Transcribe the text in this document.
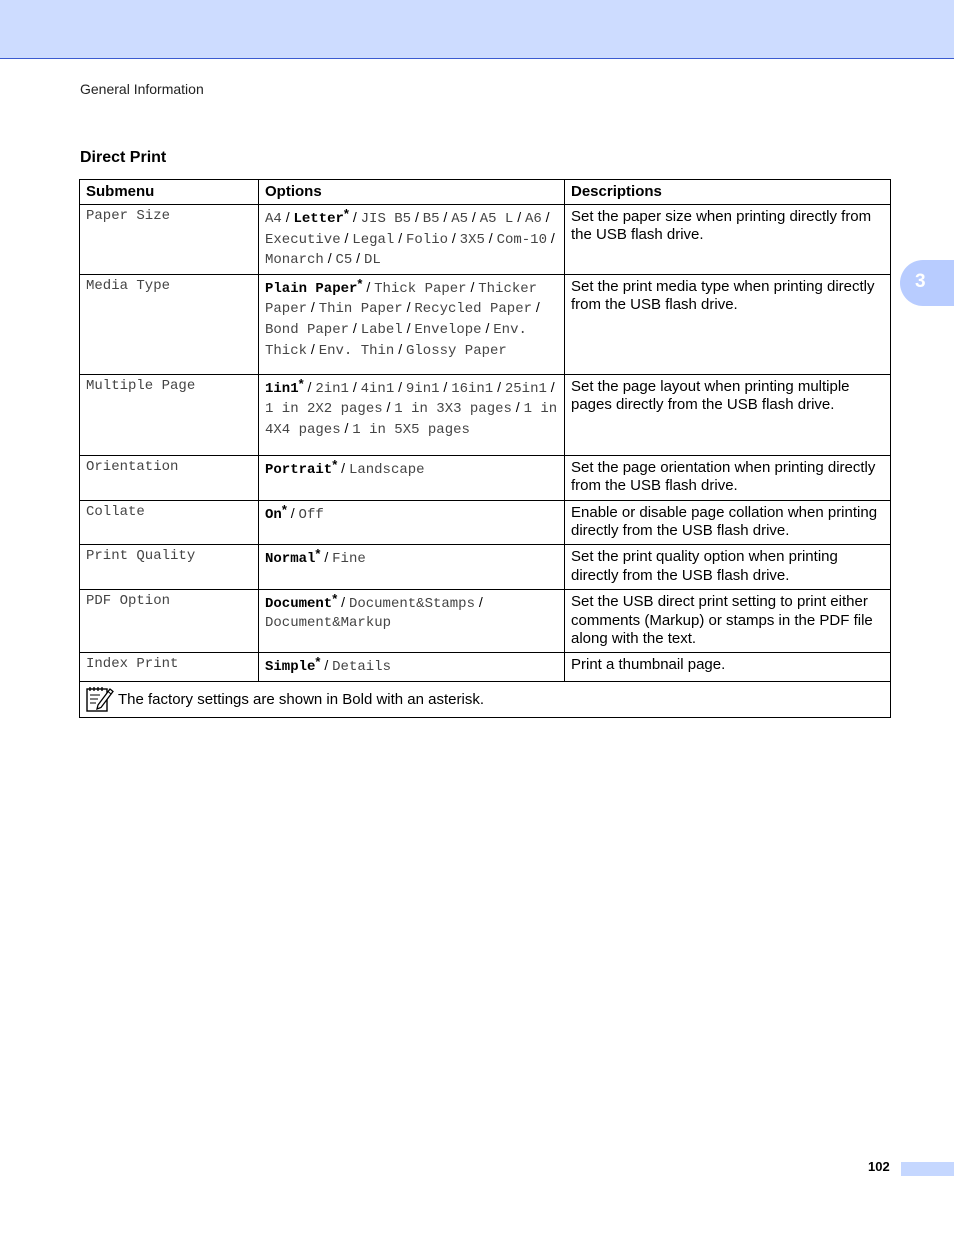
General Information
3
Direct Print
Submenu	Options	Descriptions
Paper Size	A4 / Letter* / JIS B5 / B5 / A5 / A5 L / A6 / Executive / Legal / Folio / 3X5 / Com-10 / Monarch / C5 / DL	Set the paper size when printing directly from the USB flash drive.
Media Type	Plain Paper* / Thick Paper / Thicker Paper / Thin Paper / Recycled Paper / Bond Paper / Label / Envelope / Env. Thick / Env. Thin / Glossy Paper	Set the print media type when printing directly from the USB flash drive.
Multiple Page	1in1* / 2in1 / 4in1 / 9in1 / 16in1 / 25in1 / 1 in 2X2 pages / 1 in 3X3 pages / 1 in 4X4 pages / 1 in 5X5 pages	Set the page layout when printing multiple pages directly from the USB flash drive.
Orientation	Portrait* / Landscape	Set the page orientation when printing directly from the USB flash drive.
Collate	On* / Off	Enable or disable page collation when printing directly from the USB flash drive.
Print Quality	Normal* / Fine	Set the print quality option when printing directly from the USB flash drive.
PDF Option	Document* / Document&Stamps / Document&Markup	Set the USB direct print setting to print either comments (Markup) or stamps in the PDF file along with the text.
Index Print	Simple* / Details	Print a thumbnail page.

The factory settings are shown in Bold with an asterisk.		
102
